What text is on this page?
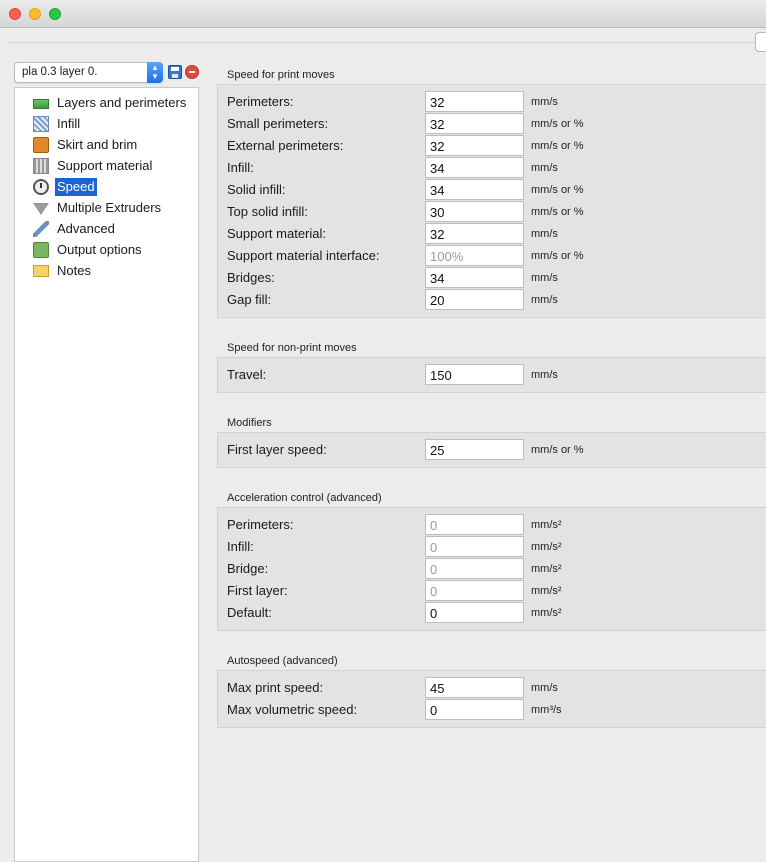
pla 0.3 layer 0.	▴
▾
Layers and perimeters
Infill
Skirt and brim
Support material
Speed
Multiple Extruders
Advanced
Output options
Notes
Speed for print moves
Perimeters:
32	mm/s
Small perimeters:
32	mm/s or %
External perimeters:
32	mm/s or %
Infill:
34	mm/s
Solid infill:
34	mm/s or %
Top solid infill:
30	mm/s or %
Support material:
32	mm/s
Support material interface:
100%	mm/s or %
Bridges:
34	mm/s
Gap fill:
20	mm/s
Speed for non-print moves
Travel:
150	mm/s
Modifiers
First layer speed:
25	mm/s or %
Acceleration control (advanced)
Perimeters:
0	mm/s²
Infill:
0	mm/s²
Bridge:
0	mm/s²
First layer:
0	mm/s²
Default:
0	mm/s²
Autospeed (advanced)
Max print speed:
45	mm/s
Max volumetric speed:
0	mm³/s
